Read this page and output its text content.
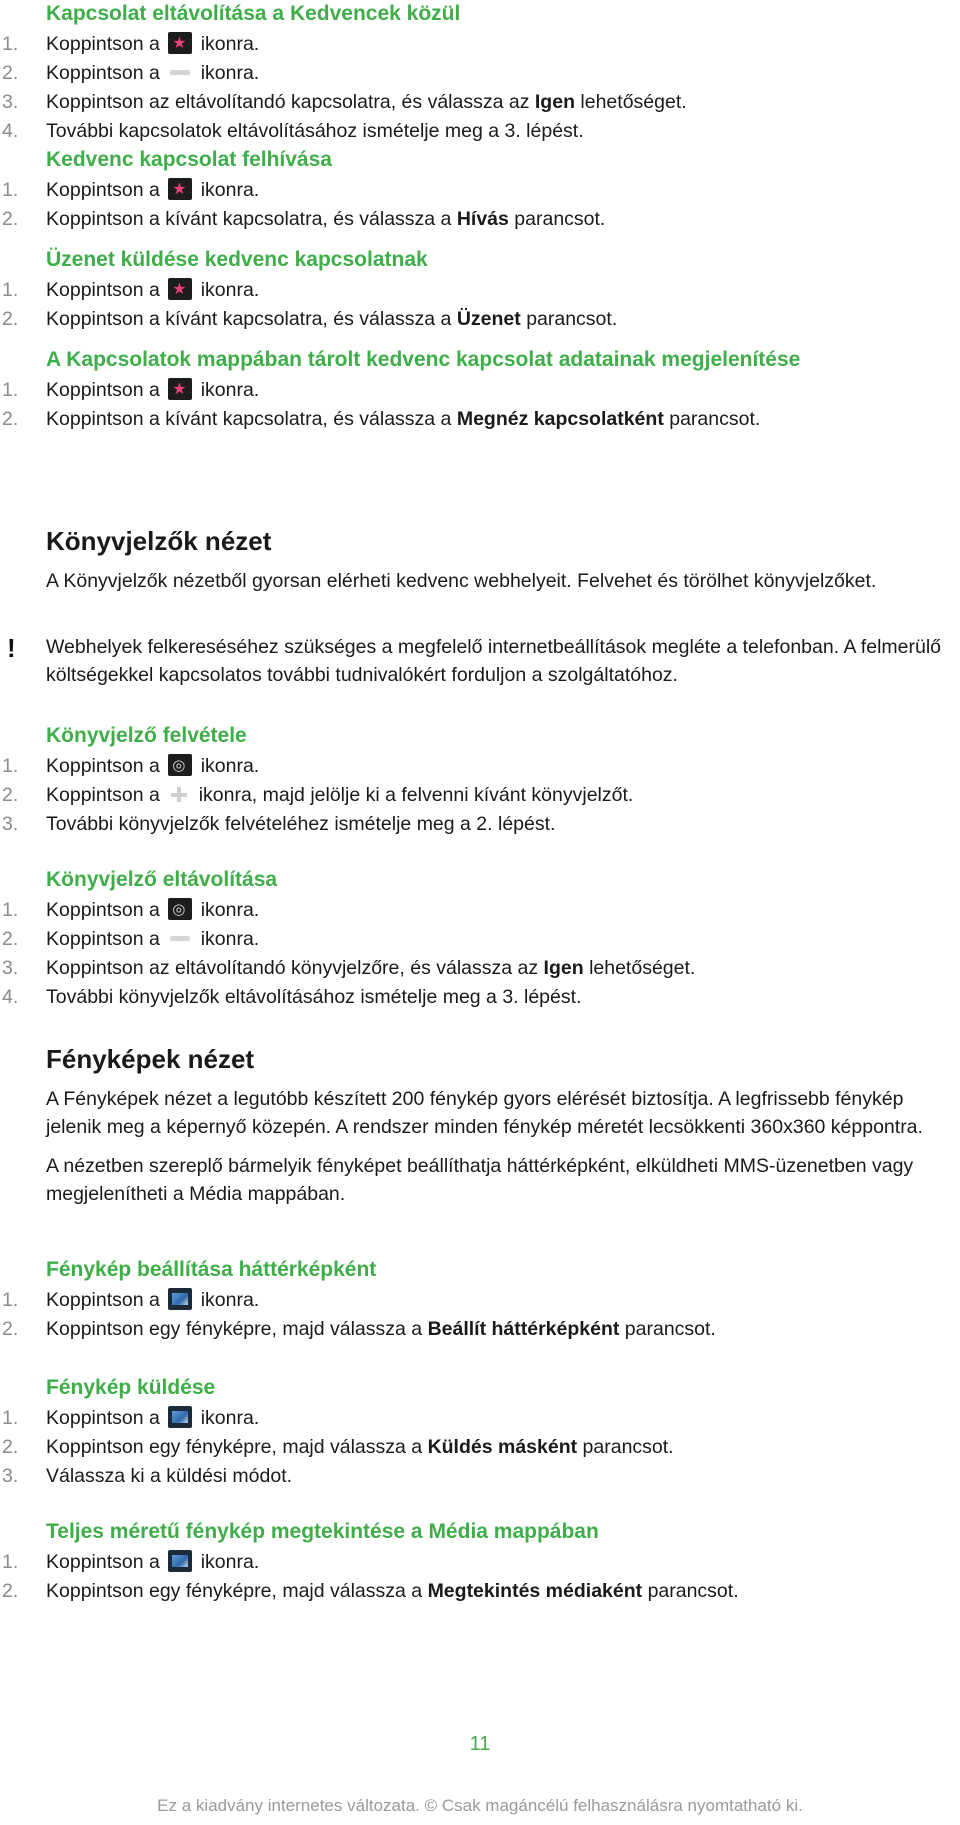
Kapcsolat eltávolítása a Kedvencek közül
1.	Koppintson a ★ ikonra.
2.	Koppintson a ikonra.
3.	Koppintson az eltávolítandó kapcsolatra, és válassza az Igen lehetőséget.
4.	További kapcsolatok eltávolításához ismételje meg a 3. lépést.
Kedvenc kapcsolat felhívása
1.	Koppintson a ★ ikonra.
2.	Koppintson a kívánt kapcsolatra, és válassza a Hívás parancsot.
Üzenet küldése kedvenc kapcsolatnak
1.	Koppintson a ★ ikonra.
2.	Koppintson a kívánt kapcsolatra, és válassza a Üzenet parancsot.
A Kapcsolatok mappában tárolt kedvenc kapcsolat adatainak megjelenítése
1.	Koppintson a ★ ikonra.
2.	Koppintson a kívánt kapcsolatra, és válassza a Megnéz kapcsolatként parancsot.
Könyvjelzők nézet

A Könyvjelzők nézetből gyorsan elérheti kedvenc webhelyeit. Felvehet és törölhet könyvjelzőket.

!	Webhelyek felkereséséhez szükséges a megfelelő internetbeállítások megléte a telefonban. A felmerülő költségekkel kapcsolatos további tudnivalókért forduljon a szolgáltatóhoz.

Könyvjelző felvétele
1.	Koppintson a ◎ ikonra.
2.	Koppintson a ikonra, majd jelölje ki a felvenni kívánt könyvjelzőt.
3.	További könyvjelzők felvételéhez ismételje meg a 2. lépést.
Könyvjelző eltávolítása
1.	Koppintson a ◎ ikonra.
2.	Koppintson a ikonra.
3.	Koppintson az eltávolítandó könyvjelzőre, és válassza az Igen lehetőséget.
4.	További könyvjelzők eltávolításához ismételje meg a 3. lépést.
Fényképek nézet

A Fényképek nézet a legutóbb készített 200 fénykép gyors elérését biztosítja. A legfrissebb fénykép jelenik meg a képernyő közepén. A rendszer minden fénykép méretét lecsökkenti 360x360 képpontra.

A nézetben szereplő bármelyik fényképet beállíthatja háttérképként, elküldheti MMS-üzenetben vagy megjelenítheti a Média mappában.

Fénykép beállítása háttérképként
1.	Koppintson a ikonra.
2.	Koppintson egy fényképre, majd válassza a Beállít háttérképként parancsot.
Fénykép küldése
1.	Koppintson a ikonra.
2.	Koppintson egy fényképre, majd válassza a Küldés másként parancsot.
3.	Válassza ki a küldési módot.
Teljes méretű fénykép megtekintése a Média mappában
1.	Koppintson a ikonra.
2.	Koppintson egy fényképre, majd válassza a Megtekintés médiaként parancsot.
11
Ez a kiadvány internetes változata. © Csak magáncélú felhasználásra nyomtatható ki.
